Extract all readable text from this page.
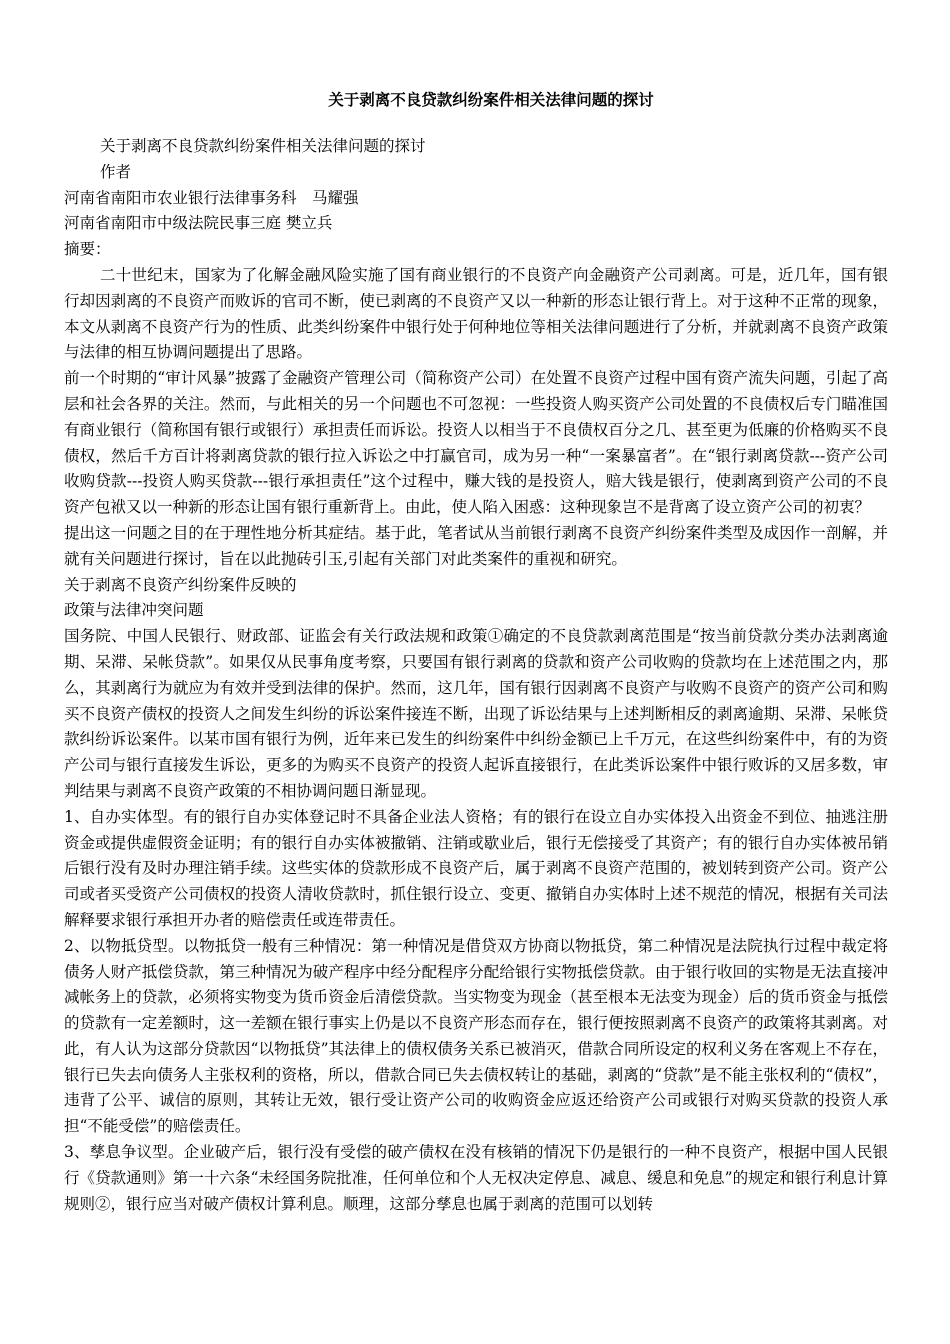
关于剥离不良贷款纠纷案件相关法律问题的探讨

关于剥离不良贷款纠纷案件相关法律问题的探讨

作者

河南省南阳市农业银行法律事务科　马耀强

河南省南阳市中级法院民事三庭 樊立兵

摘要：

二十世纪末，国家为了化解金融风险实施了国有商业银行的不良资产向金融资产公司剥离。可是，近几年，国有银行却因剥离的不良资产而败诉的官司不断，使已剥离的不良资产又以一种新的形态让银行背上。对于这种不正常的现象，本文从剥离不良资产行为的性质、此类纠纷案件中银行处于何种地位等相关法律问题进行了分析，并就剥离不良资产政策与法律的相互协调问题提出了思路。

前一个时期的“审计风暴”披露了金融资产管理公司（简称资产公司）在处置不良资产过程中国有资产流失问题，引起了高层和社会各界的关注。然而，与此相关的另一个问题也不可忽视：一些投资人购买资产公司处置的不良债权后专门瞄准国有商业银行（简称国有银行或银行）承担责任而诉讼。投资人以相当于不良债权百分之几、甚至更为低廉的价格购买不良债权，然后千方百计将剥离贷款的银行拉入诉讼之中打赢官司，成为另一种“一案暴富者”。在“银行剥离贷款---资产公司收购贷款---投资人购买贷款---银行承担责任”这个过程中，赚大钱的是投资人，赔大钱是银行，使剥离到资产公司的不良资产包袱又以一种新的形态让国有银行重新背上。由此，使人陷入困惑：这种现象岂不是背离了设立资产公司的初衷？

提出这一问题之目的在于理性地分析其症结。基于此，笔者试从当前银行剥离不良资产纠纷案件类型及成因作一剖解，并就有关问题进行探讨，旨在以此抛砖引玉,引起有关部门对此类案件的重视和研究。

关于剥离不良资产纠纷案件反映的

政策与法律冲突问题

国务院、中国人民银行、财政部、证监会有关行政法规和政策①确定的不良贷款剥离范围是“按当前贷款分类办法剥离逾期、呆滞、呆帐贷款”。如果仅从民事角度考察，只要国有银行剥离的贷款和资产公司收购的贷款均在上述范围之内，那么，其剥离行为就应为有效并受到法律的保护。然而，这几年，国有银行因剥离不良资产与收购不良资产的资产公司和购买不良资产债权的投资人之间发生纠纷的诉讼案件接连不断，出现了诉讼结果与上述判断相反的剥离逾期、呆滞、呆帐贷款纠纷诉讼案件。以某市国有银行为例，近年来已发生的纠纷案件中纠纷金额已上千万元，在这些纠纷案件中，有的为资产公司与银行直接发生诉讼，更多的为购买不良资产的投资人起诉直接银行，在此类诉讼案件中银行败诉的又居多数，审判结果与剥离不良资产政策的不相协调问题日渐显现。

1、自办实体型。有的银行自办实体登记时不具备企业法人资格；有的银行在设立自办实体投入出资金不到位、抽逃注册资金或提供虚假资金证明；有的银行自办实体被撤销、注销或歇业后，银行无偿接受了其资产；有的银行自办实体被吊销后银行没有及时办理注销手续。这些实体的贷款形成不良资产后，属于剥离不良资产范围的，被划转到资产公司。资产公司或者买受资产公司债权的投资人清收贷款时，抓住银行设立、变更、撤销自办实体时上述不规范的情况，根据有关司法解释要求银行承担开办者的赔偿责任或连带责任。

2、以物抵贷型。以物抵贷一般有三种情况：第一种情况是借贷双方协商以物抵贷，第二种情况是法院执行过程中裁定将债务人财产抵偿贷款，第三种情况为破产程序中经分配程序分配给银行实物抵偿贷款。由于银行收回的实物是无法直接冲减帐务上的贷款，必须将实物变为货币资金后清偿贷款。当实物变为现金（甚至根本无法变为现金）后的货币资金与抵偿的贷款有一定差额时，这一差额在银行事实上仍是以不良资产形态而存在，银行便按照剥离不良资产的政策将其剥离。对此，有人认为这部分贷款因“以物抵贷”其法律上的债权债务关系已被消灭，借款合同所设定的权利义务在客观上不存在，银行已失去向债务人主张权利的资格，所以，借款合同已失去债权转让的基础，剥离的“贷款”是不能主张权利的“债权”，违背了公平、诚信的原则，其转让无效，银行受让资产公司的收购资金应返还给资产公司或银行对购买贷款的投资人承担“不能受偿”的赔偿责任。

3、孳息争议型。企业破产后，银行没有受偿的破产债权在没有核销的情况下仍是银行的一种不良资产，根据中国人民银行《贷款通则》第一十六条“未经国务院批准，任何单位和个人无权决定停息、减息、缓息和免息”的规定和银行利息计算规则②，银行应当对破产债权计算利息。顺理，这部分孳息也属于剥离的范围可以划转
